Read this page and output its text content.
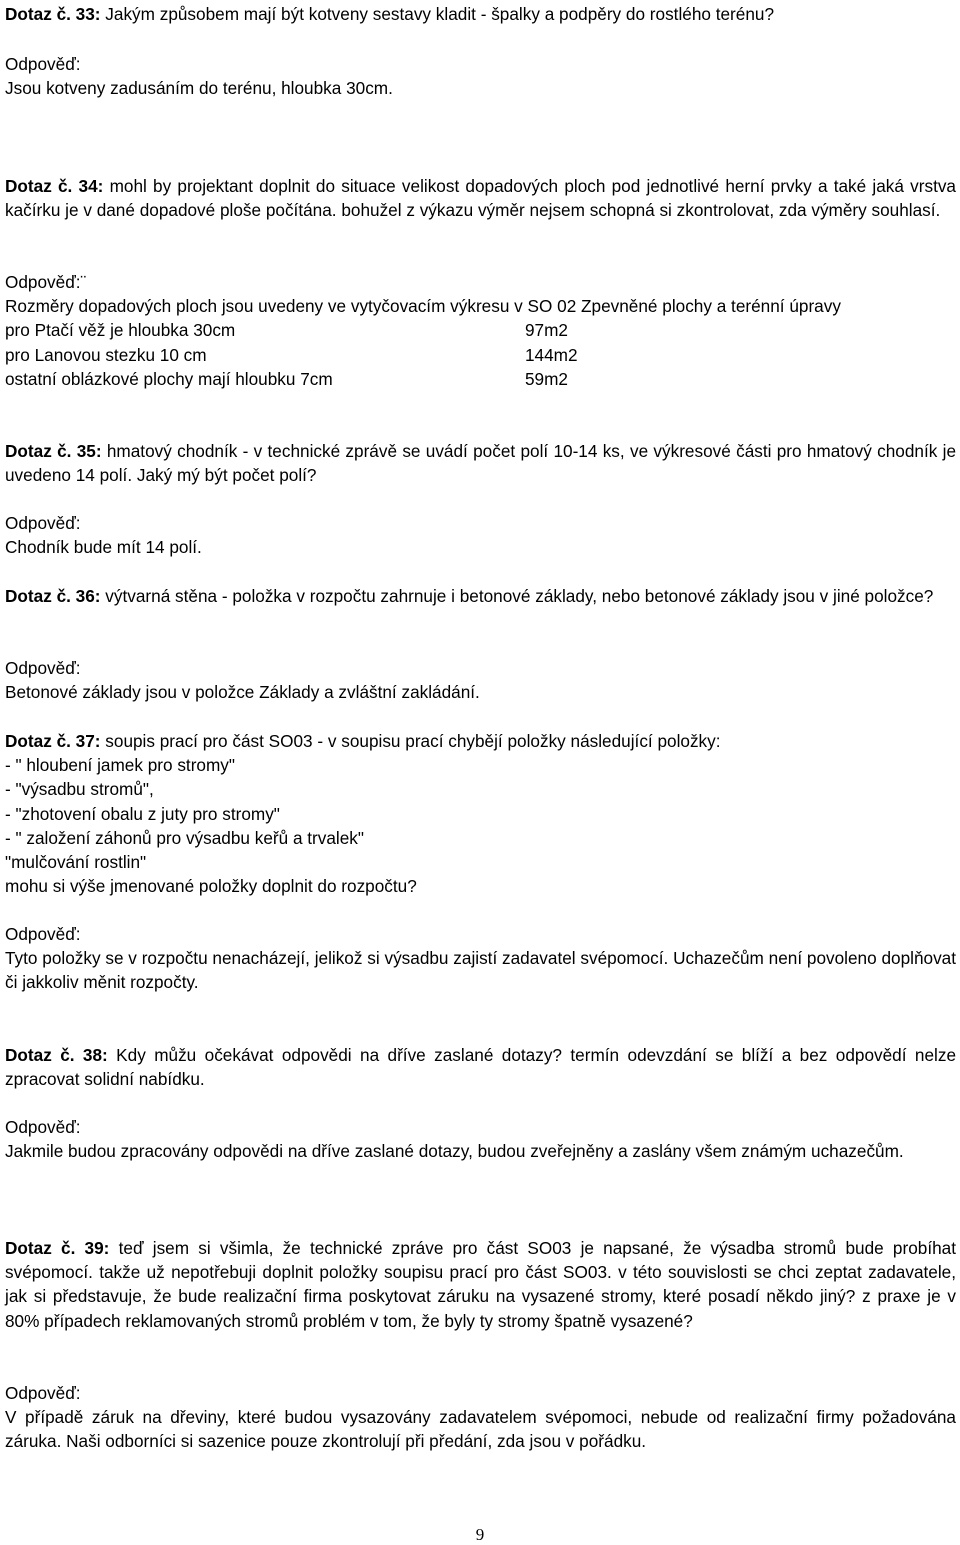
Dotaz č. 33: Jakým způsobem mají být kotveny sestavy kladit - špalky a podpěry do rostlého terénu?

Odpověď:

Jsou kotveny zadusáním do terénu, hloubka 30cm.

Dotaz č. 34: mohl by projektant doplnit do situace velikost dopadových ploch pod jednotlivé herní prvky a také jaká vrstva kačírku je v dané dopadové ploše počítána. bohužel z výkazu výměr nejsem schopná si zkontrolovat, zda výměry souhlasí.

Odpověď:¨

Rozměry dopadových ploch jsou uvedeny ve vytyčovacím výkresu v SO 02 Zpevněné plochy a terénní úpravy

pro Ptačí věž je hloubka 30cm	97m2
pro Lanovou stezku 10 cm	144m2
ostatní oblázkové plochy mají hloubku 7cm	59m2

Dotaz č. 35: hmatový chodník - v technické zprávě se uvádí počet polí 10-14 ks, ve výkresové části pro hmatový chodník je uvedeno 14 polí. Jaký mý být počet polí?

Odpověď:

Chodník bude mít 14 polí.

Dotaz č. 36: výtvarná stěna - položka v rozpočtu zahrnuje i betonové základy, nebo betonové základy jsou v jiné položce?

Odpověď:

Betonové základy jsou v položce Základy a zvláštní zakládání.

Dotaz č. 37: soupis prací pro část SO03 - v soupisu prací chybějí položky následující položky:

- " hloubení jamek pro stromy"

- "výsadbu stromů",

- "zhotovení obalu z juty pro stromy"

- " založení záhonů pro výsadbu keřů a trvalek"

"mulčování rostlin"

mohu si výše jmenované položky doplnit do rozpočtu?

Odpověď:

Tyto položky se v rozpočtu nenacházejí, jelikož si výsadbu zajistí zadavatel svépomocí. Uchazečům není povoleno doplňovat či jakkoliv měnit rozpočty.

Dotaz č. 38: Kdy můžu očekávat odpovědi na dříve zaslané dotazy? termín odevzdání se blíží a bez odpovědí nelze zpracovat solidní nabídku.

Odpověď:

Jakmile budou zpracovány odpovědi na dříve zaslané dotazy, budou zveřejněny a zaslány všem známým uchazečům.

Dotaz č. 39: teď jsem si všimla, že technické zpráve pro část SO03 je napsané, že výsadba stromů bude probíhat svépomocí. takže už nepotřebuji doplnit položky soupisu prací pro část SO03. v této souvislosti se chci zeptat zadavatele, jak si představuje, že bude realizační firma poskytovat záruku na vysazené stromy, které posadí někdo jiný? z praxe je v 80% případech reklamovaných stromů problém v tom, že byly ty stromy špatně vysazené?

Odpověď:

V případě záruk na dřeviny, které budou vysazovány zadavatelem svépomoci, nebude od realizační firmy požadována záruka. Naši odborníci si sazenice pouze zkontrolují při předání, zda jsou v pořádku.

9
